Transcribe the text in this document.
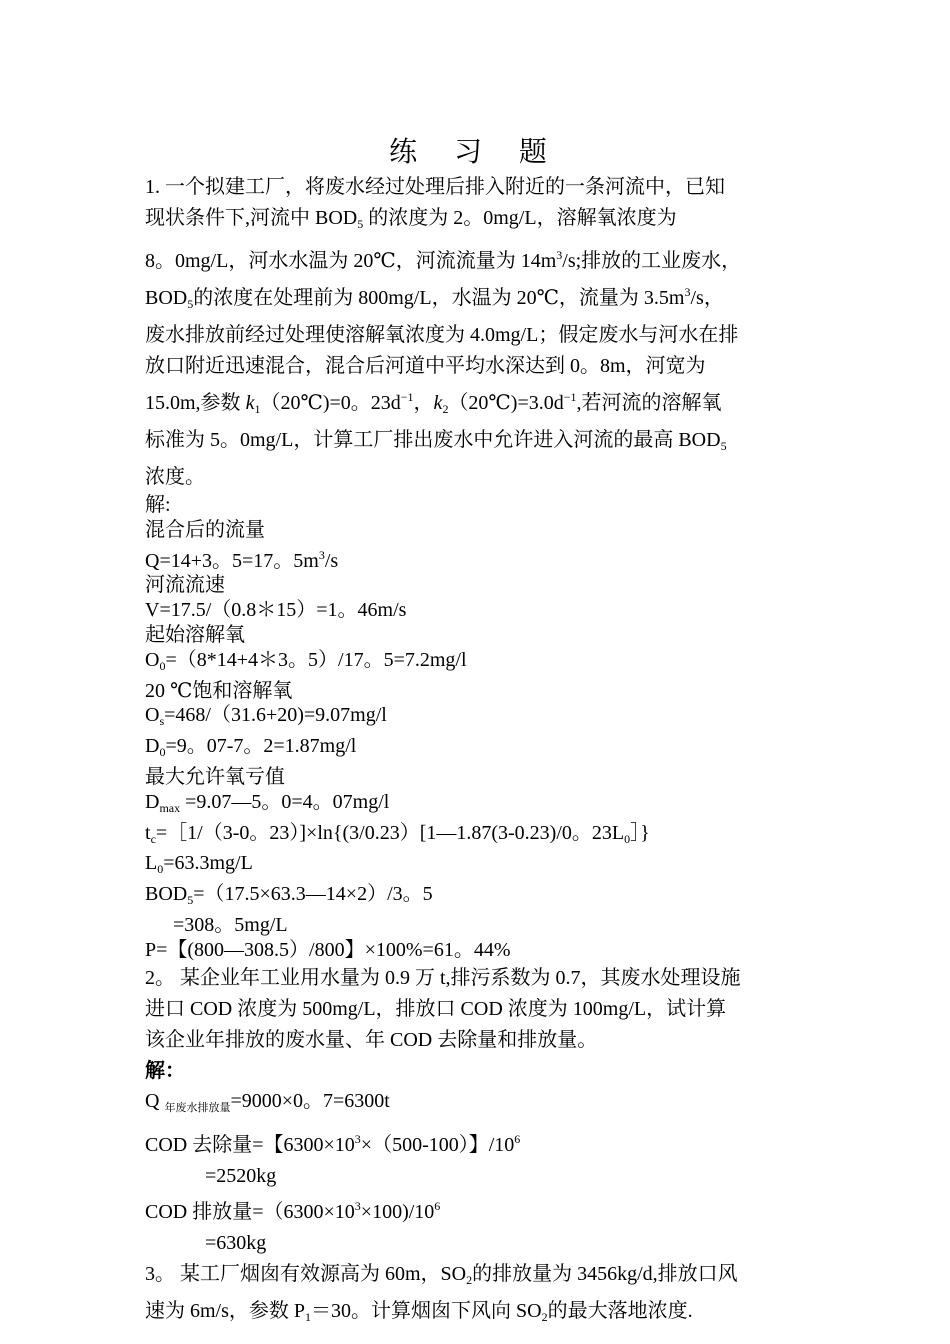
练 习 题

1. 一个拟建工厂，将废水经过处理后排入附近的一条河流中，已知

现状条件下,河流中 $BOD_5$ 的浓度为 2。0mg/L，溶解氧浓度为

8。0mg/L，河水水温为 20℃，河流流量为 $14m^3/s$;排放的工业废水，

$BOD_5$的浓度在处理前为 800mg/L，水温为 20℃，流量为 $3.5m^3/s$，

废水排放前经过处理使溶解氧浓度为 4.0mg/L；假定废水与河水在排

放口附近迅速混合，混合后河道中平均水深达到 0。8m，河宽为

15.0m,参数 $k_1(20℃)=0$。$23d^{-1}$，$k_2(20℃)=3.0d^{-1}$,若河流的溶解氧

标准为 5。0mg/L，计算工厂排出废水中允许进入河流的最高 $BOD_5$

浓度。

解:

混合后的流量

Q=14+3。5=17。$5m^3/s$

河流流速

V=17.5/（0.8＊15）=1。46m/s

起始溶解氧

$O_0=(8*14+4*3$。5）/17。5=7.2mg/l

20 ℃饱和溶解氧

$O_s=468/(31.6+20)=9.07mg/l$

$D_0=9$。07-7。2=1.87mg/l

最大允许氧亏值

$D_{max}$ =9.07—5。0=4。07mg/l

$t_c=[1/(3-0$。23）]×ln{(3/0.23）[1—1.87(3-0.23)/0。$23L_0]$}

$L_0=63.3mg/L$

$BOD_5=(17.5\times 63.3—14\times 2)/3$。5

=308。5mg/L

P=【(800—308.5）/800】×100%=61。44%

2。 某企业年工业用水量为 0.9 万 t,排污系数为 0.7，其废水处理设施

进口 COD 浓度为 500mg/L，排放口 COD 浓度为 100mg/L，试计算

该企业年排放的废水量、年 COD 去除量和排放量。

解：

Q $_{年废水排放量}$=9000×0。7=6300t

COD 去除量=【$6300\times 10^3\times(500-100)$】$/10^6$

=2520kg

COD 排放量$=(6300\times 10^3\times 100)/10^6$

=630kg

3。 某工厂烟囱有效源高为 60m，$SO_2$的排放量为 3456kg/d,排放口风

速为 6m/s，参数 $P_1=30$。计算烟囱下风向 $SO_2$的最大落地浓度.
